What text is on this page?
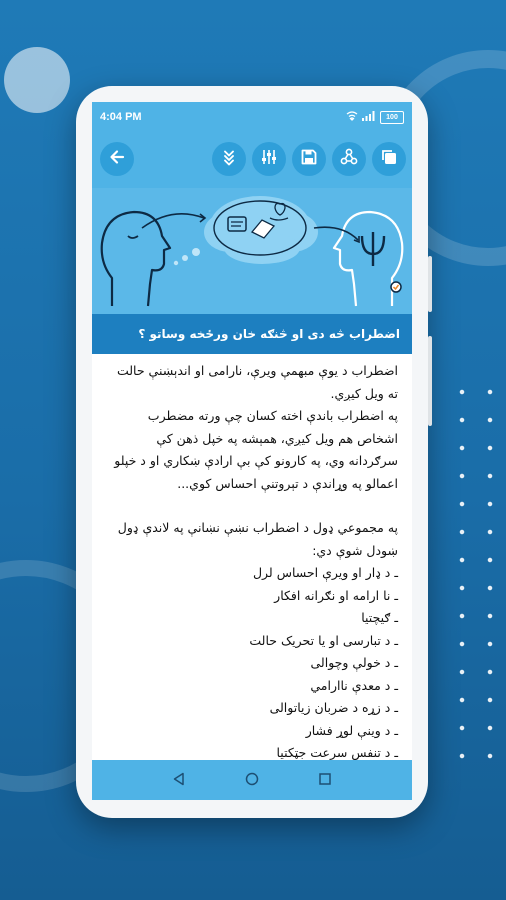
4:04 PM	100
اضطراب څه دی او څنګه خان ورځخه وساتو ؟

اضطراب د یوې مبهمې ویرې، نارامی او اندېښنې حالت ته ویل کیږي.

په اضطراب باندې اخته کسان چې ورته مضطرب اشخاص هم ویل کیږي، همېشه په خپل ذهن کې سرګردانه وي، په کارونو کې بې ارادې ښکاري او د خپلو اعمالو په وړاندې د تېروتنې احساس کوي...

په مجموعي ډول د اضطراب نښې نښانې په لاندې ډول ښودل شوې دي:

ـ د ډار او ویرې احساس لرل

ـ نا ارامه او نګرانه افکار

ـ ګیچتیا

ـ د تبارسی او یا تحریک حالت

ـ د خولې وچوالی

ـ د معدې ناارامي

ـ د زړه د ضربان زیاتوالی

ـ د وینې لوړ فشار

ـ د تنفس سرعت جټکتیا
